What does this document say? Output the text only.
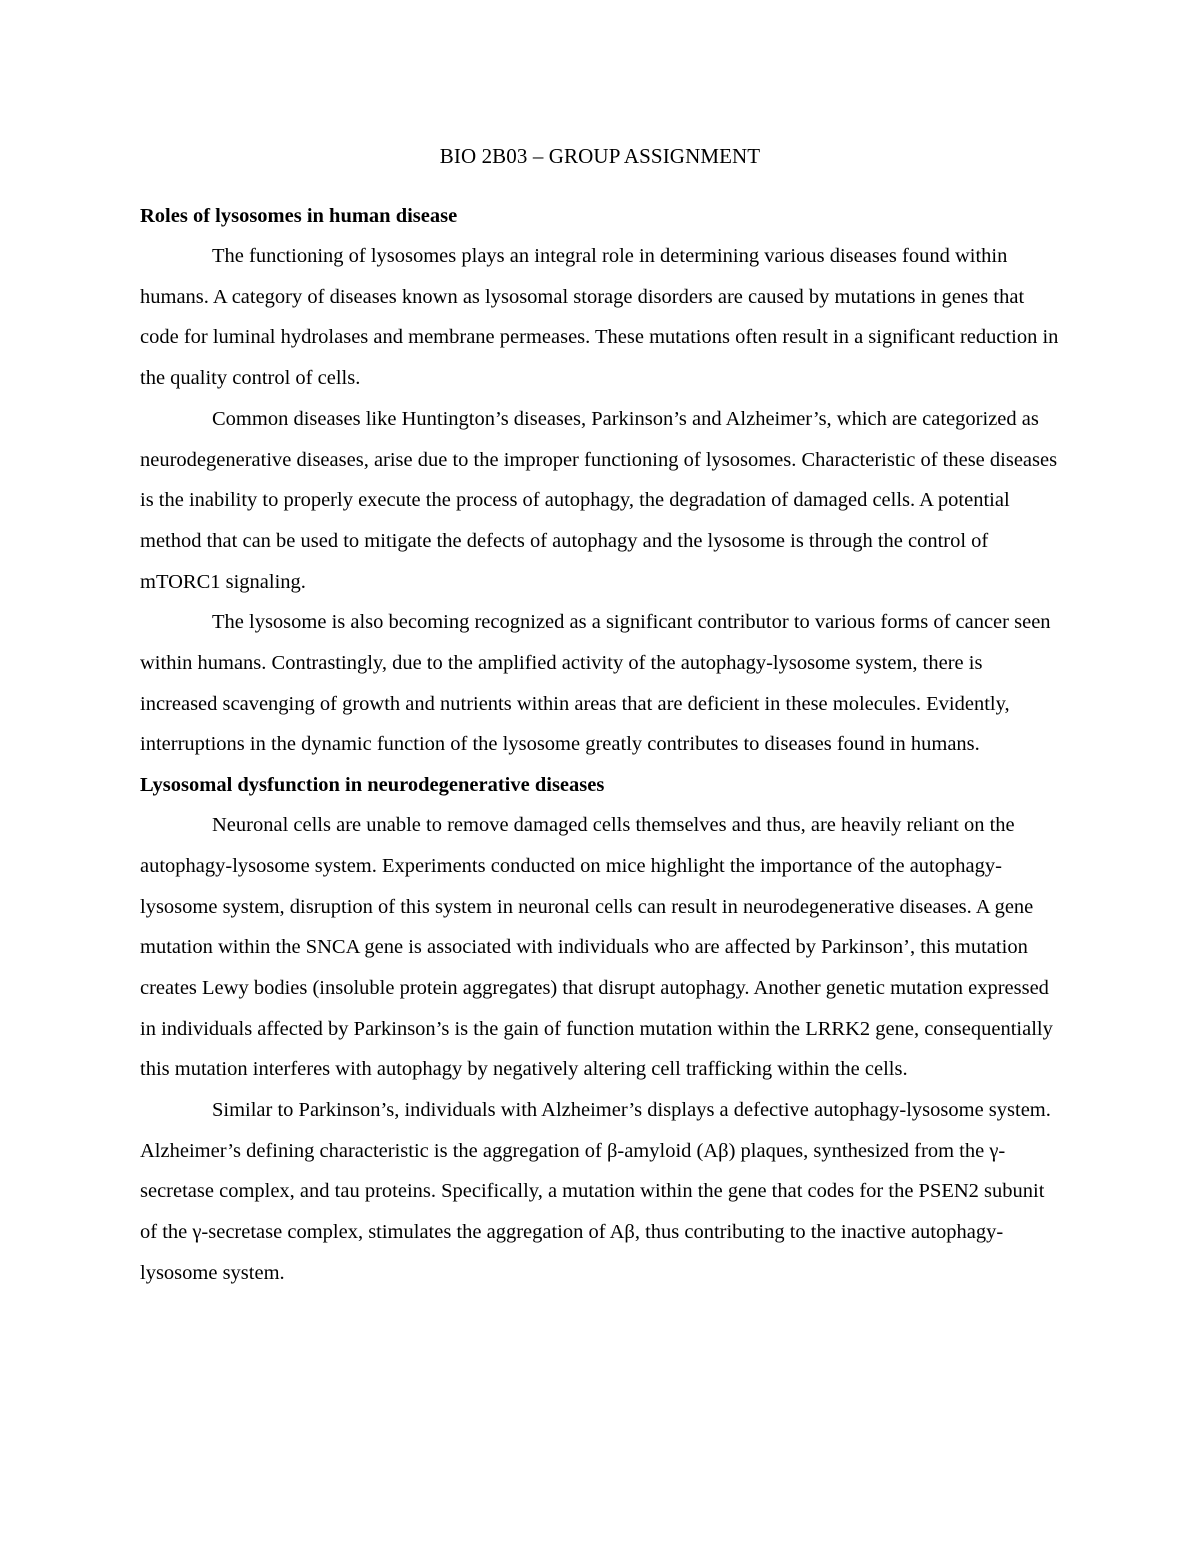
BIO 2B03 – GROUP ASSIGNMENT
Roles of lysosomes in human disease

The functioning of lysosomes plays an integral role in determining various diseases found within humans. A category of diseases known as lysosomal storage disorders are caused by mutations in genes that code for luminal hydrolases and membrane permeases. These mutations often result in a significant reduction in the quality control of cells.

Common diseases like Huntington’s diseases, Parkinson’s and Alzheimer’s, which are categorized as neurodegenerative diseases, arise due to the improper functioning of lysosomes. Characteristic of these diseases is the inability to properly execute the process of autophagy, the degradation of damaged cells. A potential method that can be used to mitigate the defects of autophagy and the lysosome is through the control of mTORC1 signaling.

The lysosome is also becoming recognized as a significant contributor to various forms of cancer seen within humans. Contrastingly, due to the amplified activity of the autophagy-lysosome system, there is increased scavenging of growth and nutrients within areas that are deficient in these molecules. Evidently, interruptions in the dynamic function of the lysosome greatly contributes to diseases found in humans.

Lysosomal dysfunction in neurodegenerative diseases

Neuronal cells are unable to remove damaged cells themselves and thus, are heavily reliant on the autophagy-lysosome system. Experiments conducted on mice highlight the importance of the autophagy-lysosome system, disruption of this system in neuronal cells can result in neurodegenerative diseases. A gene mutation within the SNCA gene is associated with individuals who are affected by Parkinson’, this mutation creates Lewy bodies (insoluble protein aggregates) that disrupt autophagy. Another genetic mutation expressed in individuals affected by Parkinson’s is the gain of function mutation within the LRRK2 gene, consequentially this mutation interferes with autophagy by negatively altering cell trafficking within the cells.

Similar to Parkinson’s, individuals with Alzheimer’s displays a defective autophagy-lysosome system. Alzheimer’s defining characteristic is the aggregation of β-amyloid (Aβ) plaques, synthesized from the γ-secretase complex, and tau proteins. Specifically, a mutation within the gene that codes for the PSEN2 subunit of the γ-secretase complex, stimulates the aggregation of Aβ, thus contributing to the inactive autophagy-lysosome system.
